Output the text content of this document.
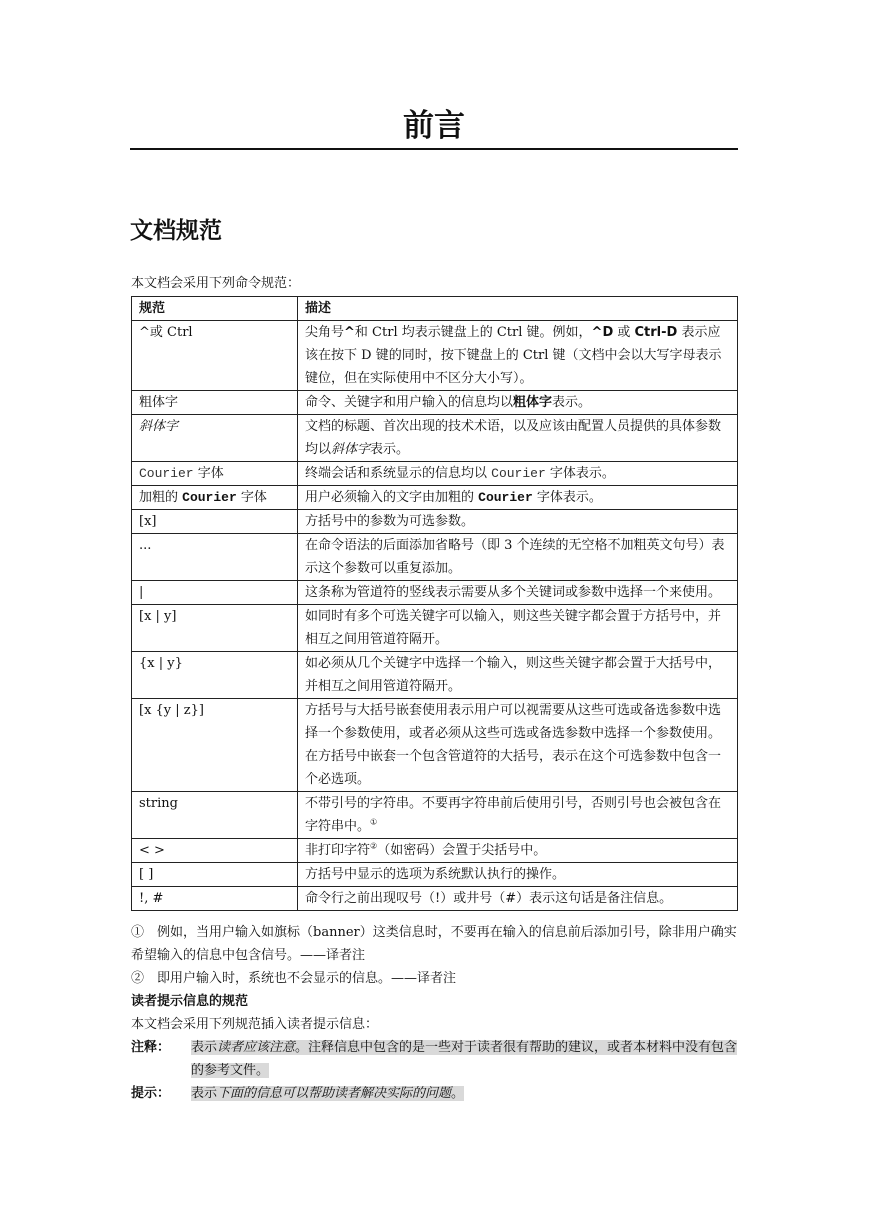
前言
文档规范
本文档会采用下列命令规范：
规范	描述
^或 Ctrl	尖角号^和 Ctrl 均表示键盘上的 Ctrl 键。例如，^D 或 Ctrl-D 表示应该在按下 D 键的同时，按下键盘上的 Ctrl 键（文档中会以大写字母表示键位，但在实际使用中不区分大小写）。
粗体字	命令、关键字和用户输入的信息均以粗体字表示。
斜体字	文档的标题、首次出现的技术术语，以及应该由配置人员提供的具体参数均以斜体字表示。
Courier 字体	终端会话和系统显示的信息均以 Courier 字体表示。
加粗的 Courier 字体	用户必须输入的文字由加粗的 Courier 字体表示。
[x]	方括号中的参数为可选参数。
...	在命令语法的后面添加省略号（即 3 个连续的无空格不加粗英文句号）表示这个参数可以重复添加。
|	这条称为管道符的竖线表示需要从多个关键词或参数中选择一个来使用。
[x | y]	如同时有多个可选关键字可以输入，则这些关键字都会置于方括号中，并相互之间用管道符隔开。
{x | y}	如必须从几个关键字中选择一个输入，则这些关键字都会置于大括号中，并相互之间用管道符隔开。
[x {y | z}]	方括号与大括号嵌套使用表示用户可以视需要从这些可选或备选参数中选择一个参数使用，或者必须从这些可选或备选参数中选择一个参数使用。在方括号中嵌套一个包含管道符的大括号，表示在这个可选参数中包含一个必选项。
string	不带引号的字符串。不要再字符串前后使用引号，否则引号也会被包含在字符串中。①
< >	非打印字符②（如密码）会置于尖括号中。
[ ]	方括号中显示的选项为系统默认执行的操作。
!, #	命令行之前出现叹号（!）或井号（#）表示这句话是备注信息。
①　例如，当用户输入如旗标（banner）这类信息时，不要再在输入的信息前后添加引号，除非用户确实希望输入的信息中包含信号。——译者注
②　即用户输入时，系统也不会显示的信息。——译者注
读者提示信息的规范
本文档会采用下列规范插入读者提示信息：
注释： 表示读者应该注意。注释信息中包含的是一些对于读者很有帮助的建议，或者本材料中没有包含的参考文件。
提示： 表示下面的信息可以帮助读者解决实际的问题。
